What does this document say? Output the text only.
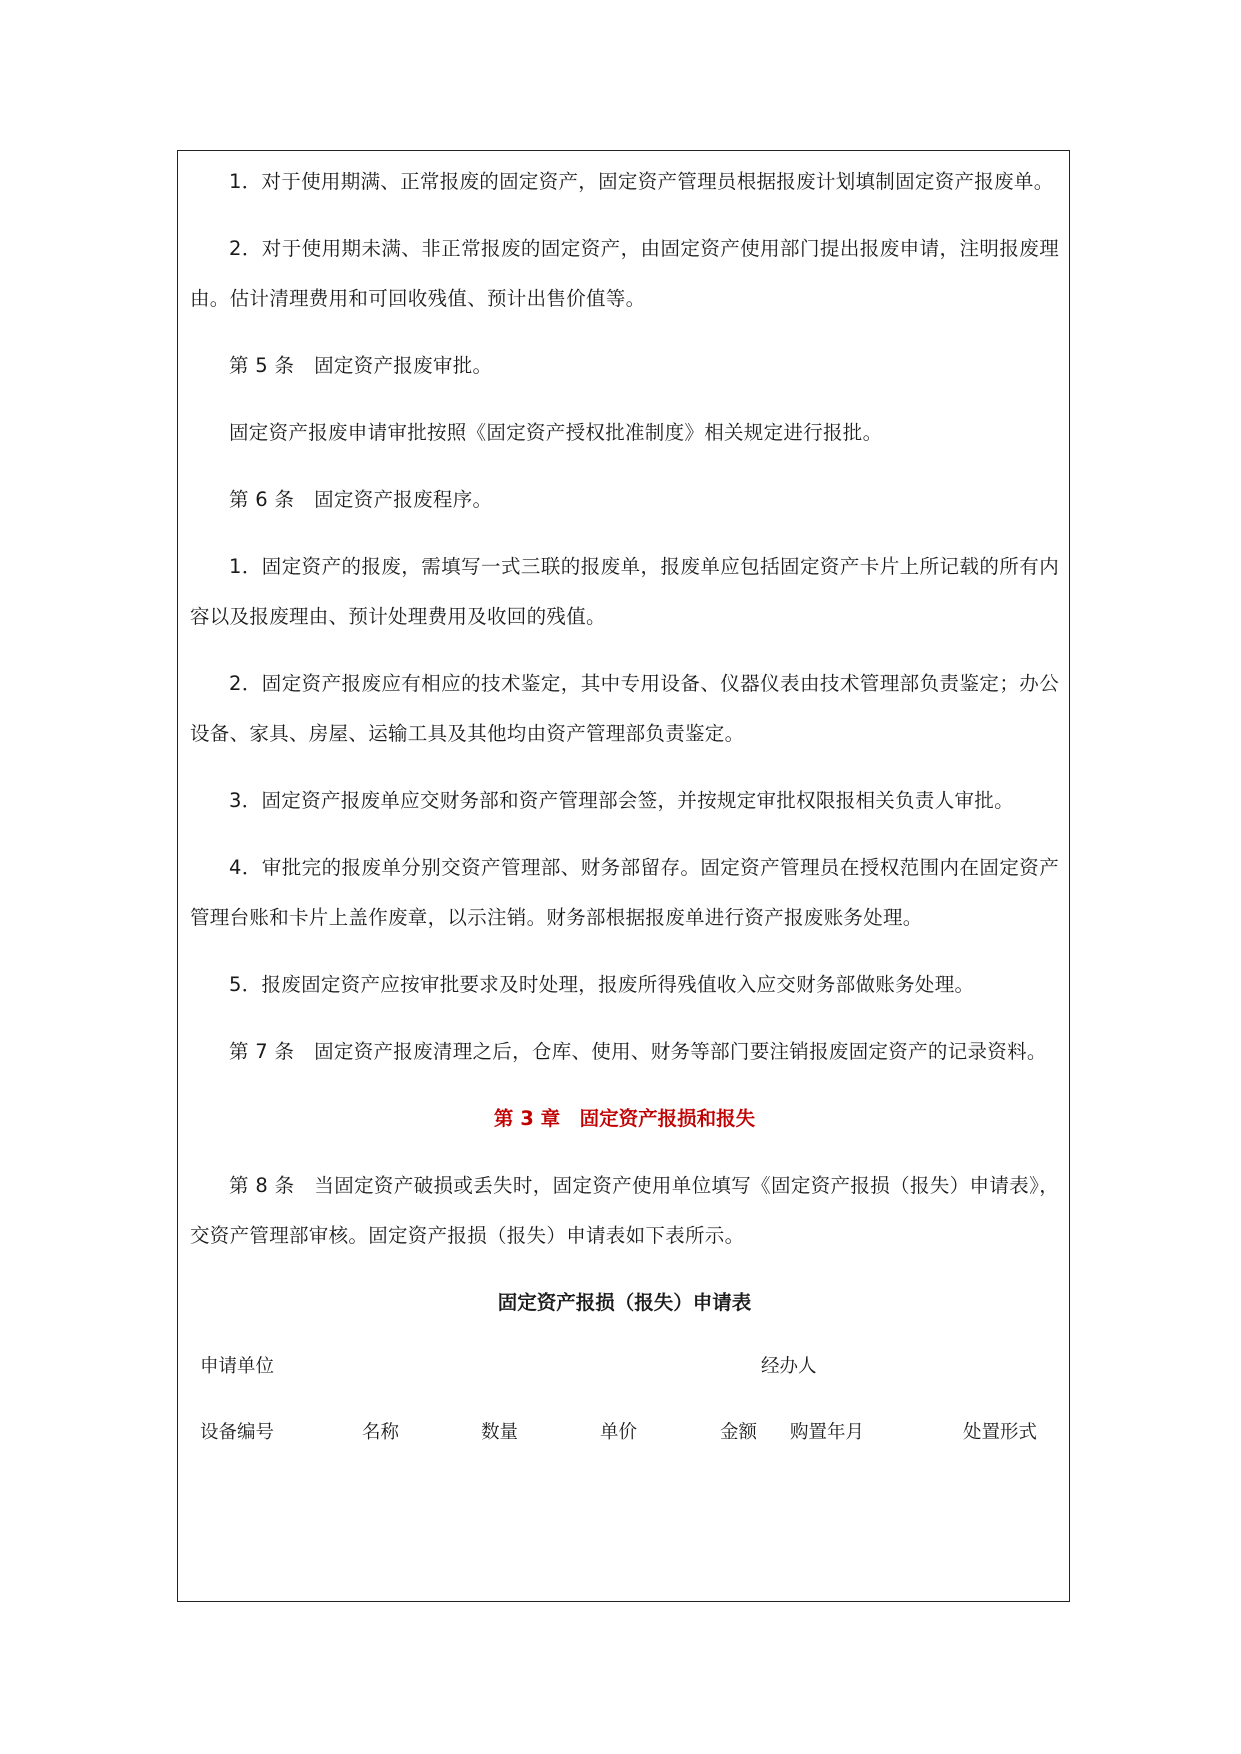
1．对于使用期满、正常报废的固定资产，固定资产管理员根据报废计划填制固定资产报废单。

2．对于使用期未满、非正常报废的固定资产，由固定资产使用部门提出报废申请，注明报废理由。估计清理费用和可回收残值、预计出售价值等。

第 5 条　固定资产报废审批。

固定资产报废申请审批按照《固定资产授权批准制度》相关规定进行报批。

第 6 条　固定资产报废程序。

1．固定资产的报废，需填写一式三联的报废单，报废单应包括固定资产卡片上所记载的所有内容以及报废理由、预计处理费用及收回的残值。

2．固定资产报废应有相应的技术鉴定，其中专用设备、仪器仪表由技术管理部负责鉴定；办公设备、家具、房屋、运输工具及其他均由资产管理部负责鉴定。

3．固定资产报废单应交财务部和资产管理部会签，并按规定审批权限报相关负责人审批。

4．审批完的报废单分别交资产管理部、财务部留存。固定资产管理员在授权范围内在固定资产管理台账和卡片上盖作废章，以示注销。财务部根据报废单进行资产报废账务处理。

5．报废固定资产应按审批要求及时处理，报废所得残值收入应交财务部做账务处理。

第 7 条　固定资产报废清理之后，仓库、使用、财务等部门要注销报废固定资产的记录资料。

第 3 章　固定资产报损和报失

第 8 条　当固定资产破损或丢失时，固定资产使用单位填写《固定资产报损（报失）申请表》，交资产管理部审核。固定资产报损（报失）申请表如下表所示。

固定资产报损（报失）申请表
申请单位	经办人
设备编号	名称	数量	单价	金额 购置年月	处置形式
